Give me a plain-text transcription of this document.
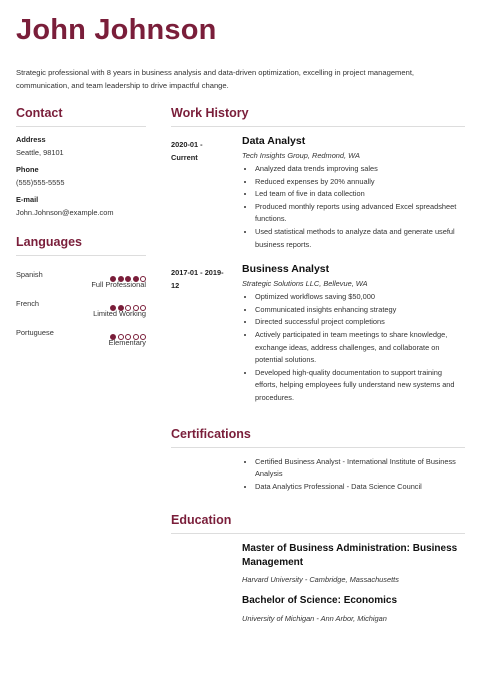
John Johnson
Strategic professional with 8 years in business analysis and data-driven optimization, excelling in project management, communication, and team leadership to drive impactful change.
Contact
Address
Seattle, 98101
Phone
(555)555-5555
E-mail
John.Johnson@example.com
Languages
Spanish
Full Professional
French
Limited Working
Portuguese
Elementary
Work History
2020-01 - Current
Data Analyst
Tech Insights Group, Redmond, WA
• Analyzed data trends improving sales
• Reduced expenses by 20% annually
• Led team of five in data collection
• Produced monthly reports using advanced Excel spreadsheet functions.
• Used statistical methods to analyze data and generate useful business reports.
2017-01 - 2019-12
Business Analyst
Strategic Solutions LLC, Bellevue, WA
• Optimized workflows saving $50,000
• Communicated insights enhancing strategy
• Directed successful project completions
• Actively participated in team meetings to share knowledge, exchange ideas, address challenges, and collaborate on potential solutions.
• Developed high-quality documentation to support training efforts, helping employees fully understand new systems and procedures.
Certifications
• Certified Business Analyst - International Institute of Business Analysis
• Data Analytics Professional - Data Science Council
Education
Master of Business Administration: Business Management
Harvard University - Cambridge, Massachusetts
Bachelor of Science: Economics
University of Michigan - Ann Arbor, Michigan
